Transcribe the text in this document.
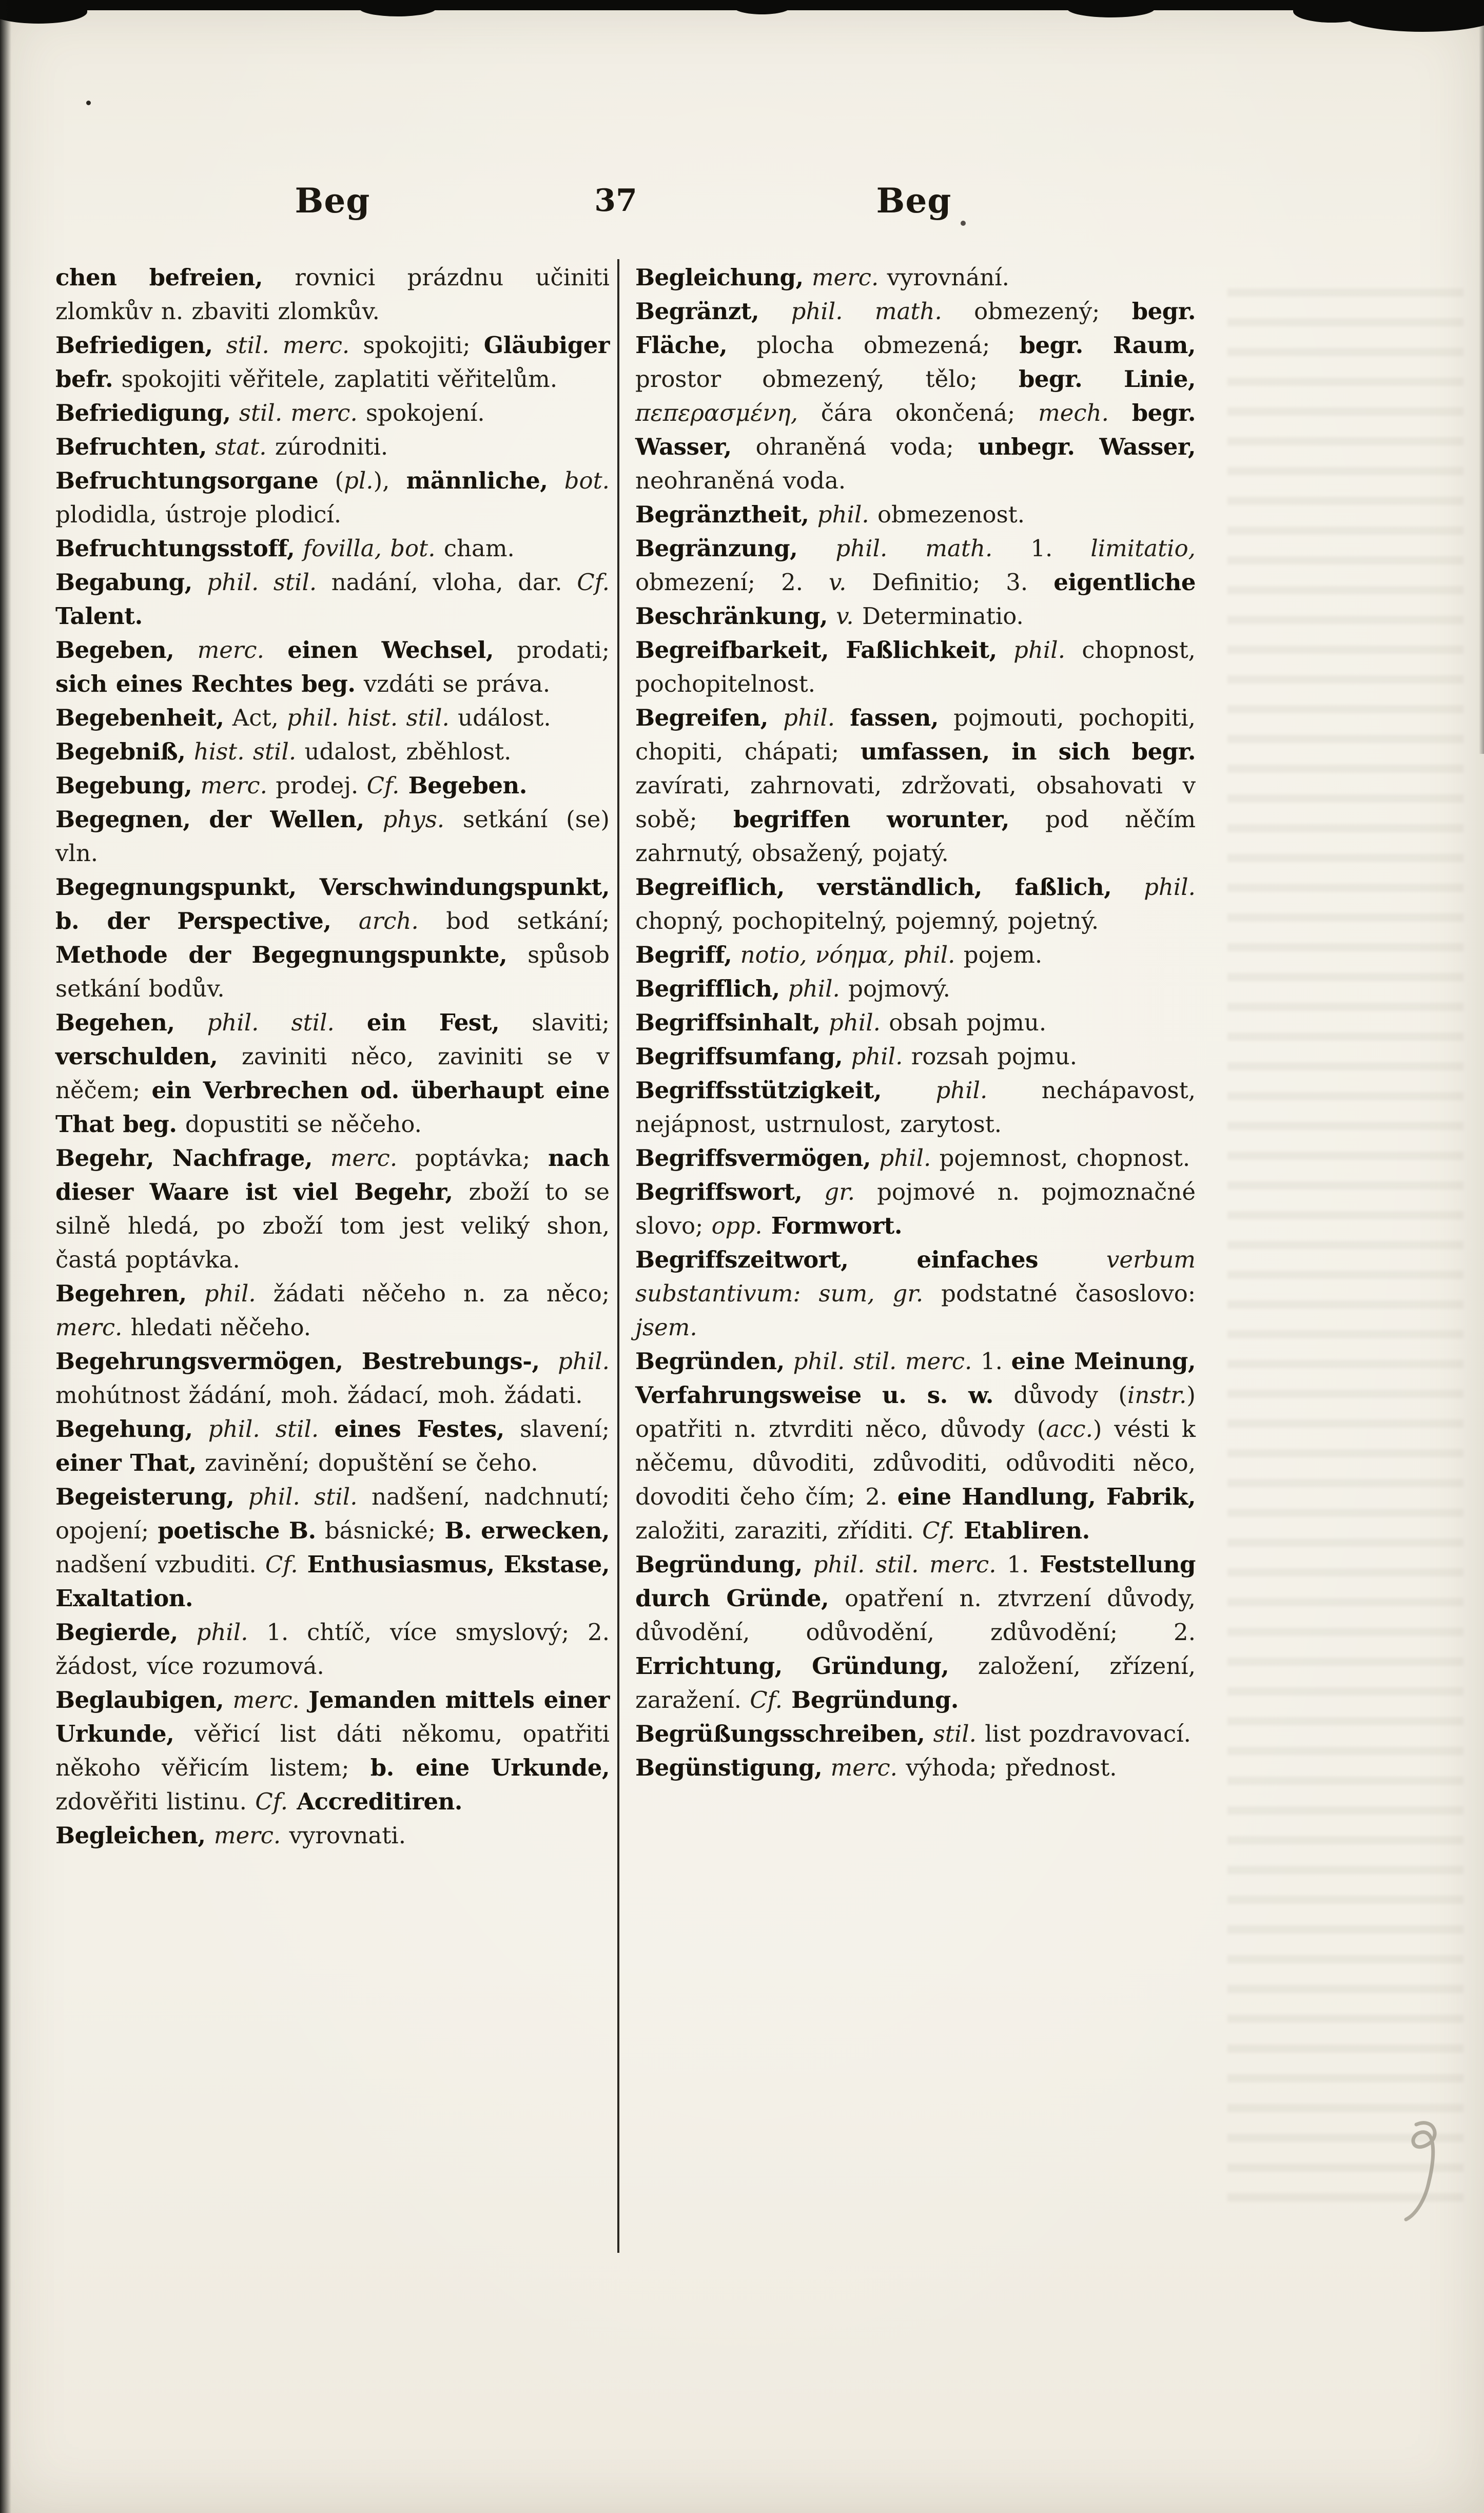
Beg	37	Beg

chen befreien, rovnici prázdnu učiniti zlomkův n. zbaviti zlomkův.

Befriedigen, stil. merc. spokojiti; Gläubiger befr. spokojiti věřitele, zaplatiti věřitelům.

Befriedigung, stil. merc. spokojení.

Befruchten, stat. zúrodniti.

Befruchtungsorgane (pl.), männliche, bot. plodidla, ústroje plodicí.

Befruchtungsstoff, fovilla, bot. cham.

Begabung, phil. stil. nadání, vloha, dar. Cf. Talent.

Begeben, merc. einen Wechsel, prodati; sich eines Rechtes beg. vzdáti se práva.

Begebenheit, Act, phil. hist. stil. událost.

Begebniß, hist. stil. udalost, zběhlost.

Begebung, merc. prodej. Cf. Begeben.

Begegnen, der Wellen, phys. setkání (se) vln.

Begegnungspunkt, Verschwindungspunkt, b. der Perspective, arch. bod setkání; Methode der Begegnungspunkte, spůsob setkání bodův.

Begehen, phil. stil. ein Fest, slaviti; verschulden, zaviniti něco, zaviniti se v něčem; ein Verbrechen od. überhaupt eine That beg. dopustiti se něčeho.

Begehr, Nachfrage, merc. poptávka; nach dieser Waare ist viel Begehr, zboží to se silně hledá, po zboží tom jest veliký shon, častá poptávka.

Begehren, phil. žádati něčeho n. za něco; merc. hledati něčeho.

Begehrungsvermögen, Bestrebungs-, phil. mohútnost žádání, moh. žádací, moh. žádati.

Begehung, phil. stil. eines Festes, slavení; einer That, zavinění; dopuštění se čeho.

Begeisterung, phil. stil. nadšení, nadchnutí; opojení; poetische B. básnické; B. erwecken, nadšení vzbuditi. Cf. Enthusiasmus, Ekstase, Exaltation.

Begierde, phil. 1. chtíč, více smyslový; 2. žádost, více rozumová.

Beglaubigen, merc. Jemanden mittels einer Urkunde, věřicí list dáti někomu, opatřiti někoho věřicím listem; b. eine Urkunde, zdověřiti listinu. Cf. Accreditiren.

Begleichen, merc. vyrovnati.

Begleichung, merc. vyrovnání.

Begränzt, phil. math. obmezený; begr. Fläche, plocha obmezená; begr. Raum, prostor obmezený, tělo; begr. Linie, πεπερασμένη, čára okončená; mech. begr. Wasser, ohraněná voda; unbegr. Wasser, neohraněná voda.

Begränztheit, phil. obmezenost.

Begränzung, phil. math. 1. limitatio, obmezení; 2. v. Definitio; 3. eigentliche Beschränkung, v. Determinatio.

Begreifbarkeit, Faßlichkeit, phil. chopnost, pochopitelnost.

Begreifen, phil. fassen, pojmouti, pochopiti, chopiti, chápati; umfassen, in sich begr. zavírati, zahrnovati, zdržovati, obsahovati v sobě; begriffen worunter, pod něčím zahrnutý, obsažený, pojatý.

Begreiflich, verständlich, faßlich, phil. chopný, pochopitelný, pojemný, pojetný.

Begriff, notio, νόημα, phil. pojem.

Begrifflich, phil. pojmový.

Begriffsinhalt, phil. obsah pojmu.

Begriffsumfang, phil. rozsah pojmu.

Begriffsstützigkeit, phil. nechápavost, nejápnost, ustrnulost, zarytost.

Begriffsvermögen, phil. pojemnost, chopnost.

Begriffswort, gr. pojmové n. pojmoznačné slovo; opp. Formwort.

Begriffszeitwort,	einfaches	verbum substantivum: sum, gr. podstatné časoslovo: jsem.

Begründen, phil. stil. merc. 1. eine Meinung, Verfahrungsweise u. s. w. důvody (instr.) opatřiti n. ztvrditi něco, důvody (acc.) vésti k něčemu, důvoditi, zdůvoditi, odůvoditi něco, dovoditi čeho čím; 2. eine Handlung, Fabrik, založiti, zaraziti, zříditi. Cf. Etabliren.

Begründung, phil. stil. merc. 1. Feststellung durch Gründe, opatření n. ztvrzení důvody, důvodění, odůvodění, zdůvodění; 2. Errichtung, Gründung, založení, zřízení, zaražení. Cf. Begründung.

Begrüßungsschreiben, stil. list pozdravovací.

Begünstigung, merc. výhoda; přednost.
